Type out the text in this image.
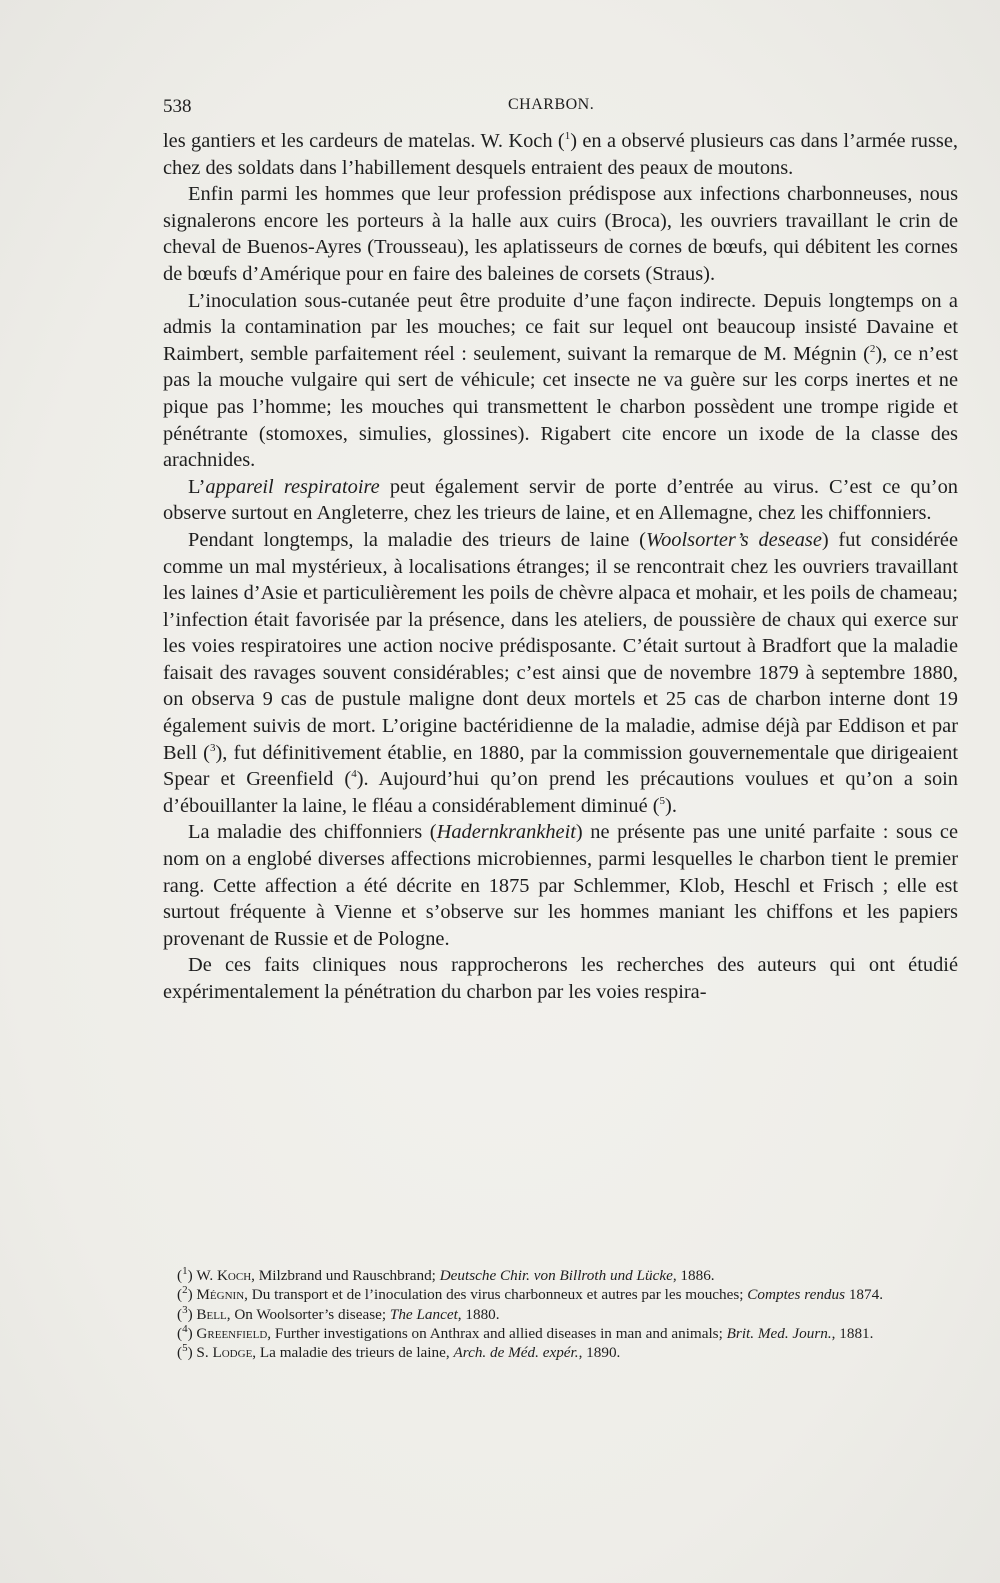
538	CHARBON.

les gantiers et les cardeurs de matelas. W. Koch ($^1$) en a observé plusieurs cas dans l’armée russe, chez des soldats dans l’habillement desquels entraient des peaux de moutons.

Enfin parmi les hommes que leur profession prédispose aux infections charbonneuses, nous signalerons encore les porteurs à la halle aux cuirs (Broca), les ouvriers travaillant le crin de cheval de Buenos-Ayres (Trousseau), les aplatisseurs de cornes de bœufs, qui débitent les cornes de bœufs d’Amérique pour en faire des baleines de corsets (Straus).

L’inoculation sous-cutanée peut être produite d’une façon indirecte. Depuis longtemps on a admis la contamination par les mouches; ce fait sur lequel ont beaucoup insisté Davaine et Raimbert, semble parfaitement réel : seulement, suivant la remarque de M. Mégnin ($^2$), ce n’est pas la mouche vulgaire qui sert de véhicule; cet insecte ne va guère sur les corps inertes et ne pique pas l’homme; les mouches qui transmettent le charbon possèdent une trompe rigide et pénétrante (stomoxes, simulies, glossines). Rigabert cite encore un ixode de la classe des arachnides.

L’appareil respiratoire peut également servir de porte d’entrée au virus. C’est ce qu’on observe surtout en Angleterre, chez les trieurs de laine, et en Allemagne, chez les chiffonniers.

Pendant longtemps, la maladie des trieurs de laine (Woolsorter’s desease) fut considérée comme un mal mystérieux, à localisations étranges; il se rencontrait chez les ouvriers travaillant les laines d’Asie et particulièrement les poils de chèvre alpaca et mohair, et les poils de chameau; l’infection était favorisée par la présence, dans les ateliers, de poussière de chaux qui exerce sur les voies respiratoires une action nocive prédisposante. C’était surtout à Bradfort que la maladie faisait des ravages souvent considérables; c’est ainsi que de novembre 1879 à septembre 1880, on observa 9 cas de pustule maligne dont deux mortels et 25 cas de charbon interne dont 19 également suivis de mort. L’origine bactéridienne de la maladie, admise déjà par Eddison et par Bell ($^3$), fut définitivement établie, en 1880, par la commission gouvernementale que dirigeaient Spear et Greenfield ($^4$). Aujourd’hui qu’on prend les précautions voulues et qu’on a soin d’ébouillanter la laine, le fléau a considérablement diminué ($^5$).

La maladie des chiffonniers (Hadernkrankheit) ne présente pas une unité parfaite : sous ce nom on a englobé diverses affections microbiennes, parmi lesquelles le charbon tient le premier rang. Cette affection a été décrite en 1875 par Schlemmer, Klob, Heschl et Frisch ; elle est surtout fréquente à Vienne et s’observe sur les hommes maniant les chiffons et les papiers provenant de Russie et de Pologne.

De ces faits cliniques nous rapprocherons les recherches des auteurs qui ont étudié expérimentalement la pénétration du charbon par les voies respira-

($^1$) W. Koch, Milzbrand und Rauschbrand; Deutsche Chir. von Billroth und Lücke, 1886.

($^2$) Mégnin, Du transport et de l’inoculation des virus charbonneux et autres par les mouches; Comptes rendus 1874.

($^3$) Bell, On Woolsorter’s disease; The Lancet, 1880.

($^4$) Greenfield, Further investigations on Anthrax and allied diseases in man and animals; Brit. Med. Journ., 1881.

($^5$) S. Lodge, La maladie des trieurs de laine, Arch. de Méd. expér., 1890.
